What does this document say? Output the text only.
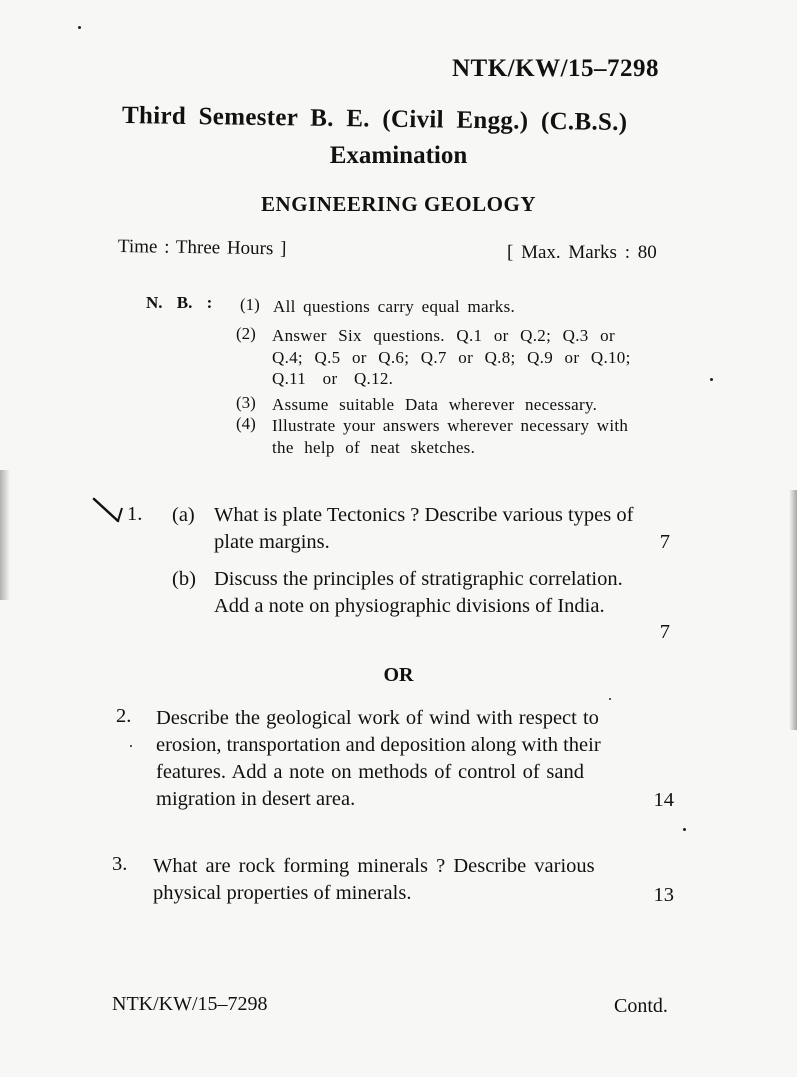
NTK/KW/15–7298
Third Semester B. E. (Civil Engg.) (C.B.S.)
Examination
ENGINEERING GEOLOGY
Time : Three Hours ]	[ Max. Marks : 80
N. B. : (1) All questions carry equal marks.
(2) Answer Six questions. Q.1 or Q.2; Q.3 or
Q.4; Q.5 or Q.6; Q.7 or Q.8; Q.9 or Q.10;
Q.11 or Q.12.
(3) Assume suitable Data wherever necessary.
(4) Illustrate your answers wherever necessary with
the help of neat sketches.
1. (a) What is plate Tectonics ? Describe various types of
plate margins.	7
(b) Discuss the principles of stratigraphic correlation.
Add a note on physiographic divisions of India.
7
OR
2. Describe the geological work of wind with respect to
erosion, transportation and deposition along with their
features. Add a note on methods of control of sand
migration in desert area.	14
3. What are rock forming minerals ? Describe various
physical properties of minerals.	13
NTK/KW/15–7298	Contd.
